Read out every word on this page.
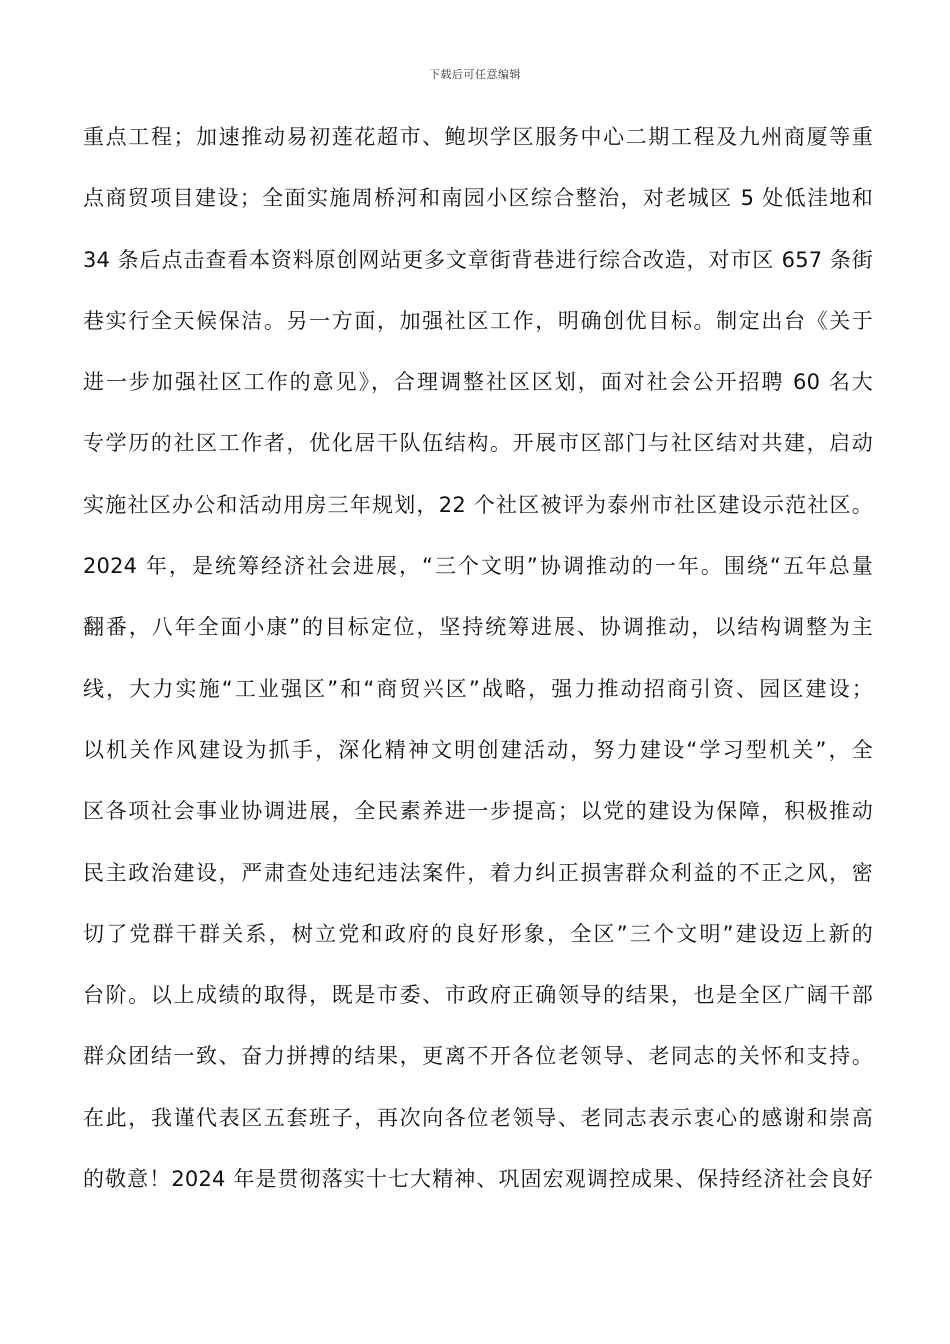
下载后可任意编辑
重点工程；加速推动易初莲花超市、鲍坝学区服务中心二期工程及九州商厦等重
点商贸项目建设；全面实施周桥河和南园小区综合整治，对老城区 5 处低洼地和
34 条后点击查看本资料原创网站更多文章街背巷进行综合改造，对市区 657 条街
巷实行全天候保洁。另一方面，加强社区工作，明确创优目标。制定出台《关于
进一步加强社区工作的意见》，合理调整社区区划，面对社会公开招聘 60 名大
专学历的社区工作者，优化居干队伍结构。开展市区部门与社区结对共建，启动
实施社区办公和活动用房三年规划，22 个社区被评为泰州市社区建设示范社区。
2024 年，是统筹经济社会进展，“三个文明”协调推动的一年。围绕“五年总量
翻番，八年全面小康”的目标定位，坚持统筹进展、协调推动，以结构调整为主
线，大力实施“工业强区”和“商贸兴区”战略，强力推动招商引资、园区建设；
以机关作风建设为抓手，深化精神文明创建活动，努力建设“学习型机关”，全
区各项社会事业协调进展，全民素养进一步提高；以党的建设为保障，积极推动
民主政治建设，严肃查处违纪违法案件，着力纠正损害群众利益的不正之风，密
切了党群干群关系，树立党和政府的良好形象，全区”三个文明”建设迈上新的
台阶。以上成绩的取得，既是市委、市政府正确领导的结果，也是全区广阔干部
群众团结一致、奋力拼搏的结果，更离不开各位老领导、老同志的关怀和支持。
在此，我谨代表区五套班子，再次向各位老领导、老同志表示衷心的感谢和崇高
的敬意！2024 年是贯彻落实十七大精神、巩固宏观调控成果、保持经济社会良好
